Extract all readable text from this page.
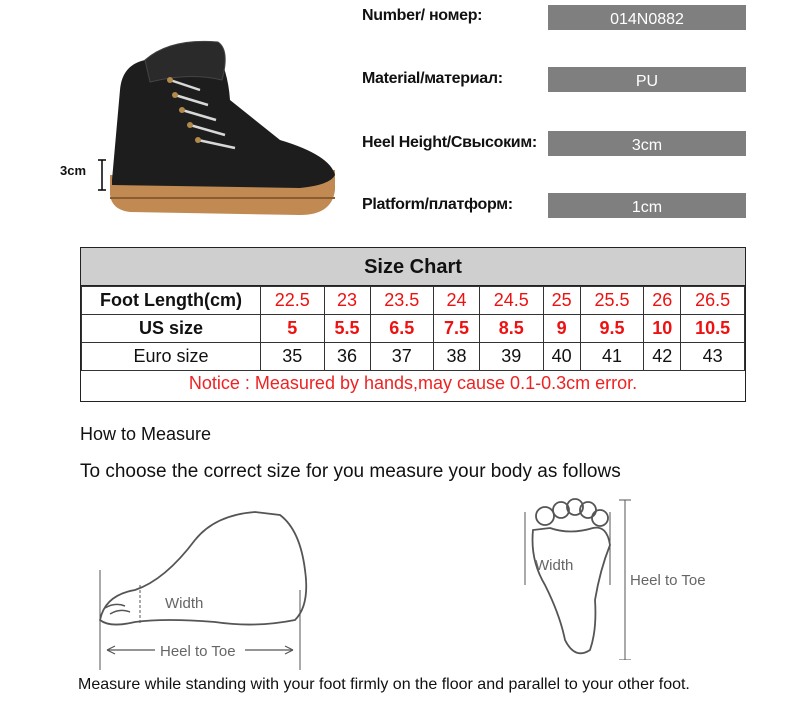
3cm
Number/ номер:	014N0882
Material/материал:	PU
Heel Height/Свысоким:	3cm
Platform/платформ:	1cm
Size Chart
Foot Length(cm)	22.5	23	23.5	24	24.5	25	25.5	26	26.5
US size	5	5.5	6.5	7.5	8.5	9	9.5	10	10.5
Euro size	35	36	37	38	39	40	41	42	43
Notice : Measured by hands,may cause 0.1-0.3cm error.
How to Measure
To choose the correct size for you measure your body as follows
Width
Heel to Toe
Width
Heel to Toe
Measure while standing with your foot firmly on the floor and parallel to your other foot.
